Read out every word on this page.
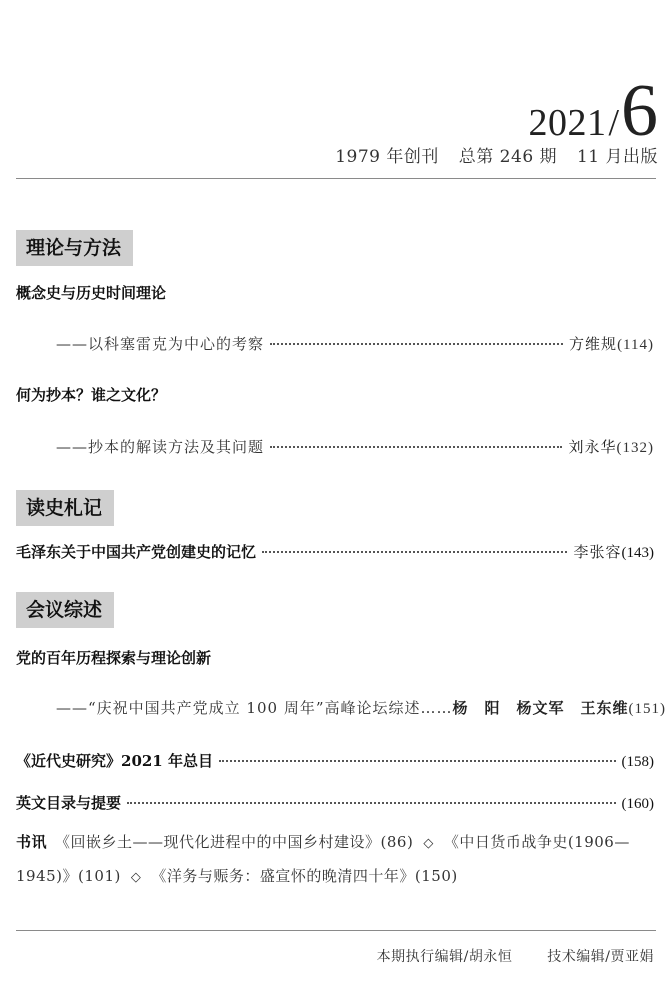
2021/6
1979 年创刊 总第 246 期 11 月出版
理论与方法
概念史与历史时间理论
——以科塞雷克为中心的考察	方维规 (114)
何为抄本？谁之文化？
——抄本的解读方法及其问题	刘永华 (132)
读史札记
毛泽东关于中国共产党创建史的记忆	李张容 (143)
会议综述
党的百年历程探索与理论创新
——“庆祝中国共产党成立 100 周年”高峰论坛综述…… 杨　阳　杨文军　王东维 (151)
《近代史研究》2021 年总目	(158)
英文目录与提要	(160)
书讯 《回嵌乡土——现代化进程中的中国乡村建设》(86) ◇ 《中日货币战争史(1906—1945)》(101) ◇ 《洋务与赈务：盛宣怀的晚清四十年》(150)
本期执行编辑/胡永恒 技术编辑/贾亚娟
